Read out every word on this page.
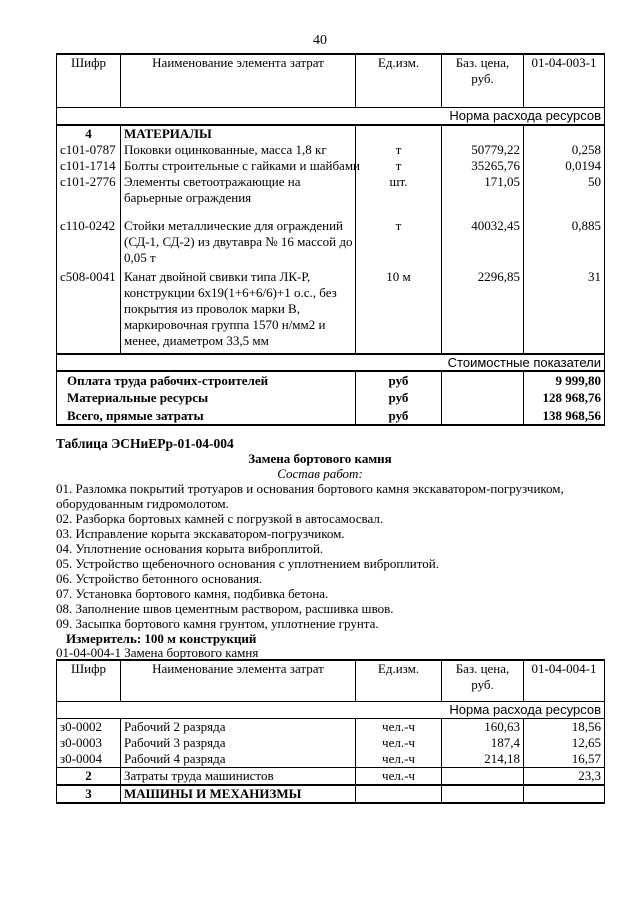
40
Шифр	Наименование элемента затрат	Ед.изм.	Баз. цена, руб.	01-04-003-1
Норма расхода ресурсов				
4	МАТЕРИАЛЫ			
с101-0787	Поковки оцинкованные, масса 1,8 кг	т	50779,22	0,258
с101-1714	Болты строительные с гайками и шайбами	т	35265,76	0,0194
с101-2776	Элементы светоотражающие на
барьерные ограждения	шт.	171,05	50
с110-0242	Стойки металлические для ограждений
(СД-1, СД-2) из двутавра № 16 массой до
0,05 т	т	40032,45	0,885
с508-0041	Канат двойной свивки типа ЛК-Р,
конструкции 6х19(1+6+6/6)+1 о.с., без
покрытия из проволок марки В,
маркировочная группа 1570 н/мм2 и
менее, диаметром 33,5 мм	10 м	2296,85	31
Стоимостные показатели				
Оплата труда рабочих-строителей		руб		9 999,80
Материальные ресурсы		руб		128 968,76
Всего, прямые затраты		руб		138 968,56
Таблица ЭСНиЕРр-01-04-004
Замена бортового камня
Состав работ:
01. Разломка покрытий тротуаров и основания бортового камня экскаватором-погрузчиком,
оборудованным гидромолотом.
02. Разборка бортовых камней с погрузкой в автосамосвал.
03. Исправление корыта экскаватором-погрузчиком.
04. Уплотнение основания корыта виброплитой.
05. Устройство щебеночного основания с уплотнением виброплитой.
06. Устройство бетонного основания.
07. Установка бортового камня, подбивка бетона.
08. Заполнение швов цементным раствором, расшивка швов.
09. Засыпка бортового камня грунтом, уплотнение грунта.
Измеритель: 100 м конструкций
01-04-004-1 Замена бортового камня
Шифр	Наименование элемента затрат	Ед.изм.	Баз. цена, руб.	01-04-004-1
Норма расхода ресурсов				
з0-0002	Рабочий 2 разряда	чел.-ч	160,63	18,56
з0-0003	Рабочий 3 разряда	чел.-ч	187,4	12,65
з0-0004	Рабочий 4 разряда	чел.-ч	214,18	16,57
2	Затраты труда машинистов	чел.-ч		23,3
3	МАШИНЫ И МЕХАНИЗМЫ			
